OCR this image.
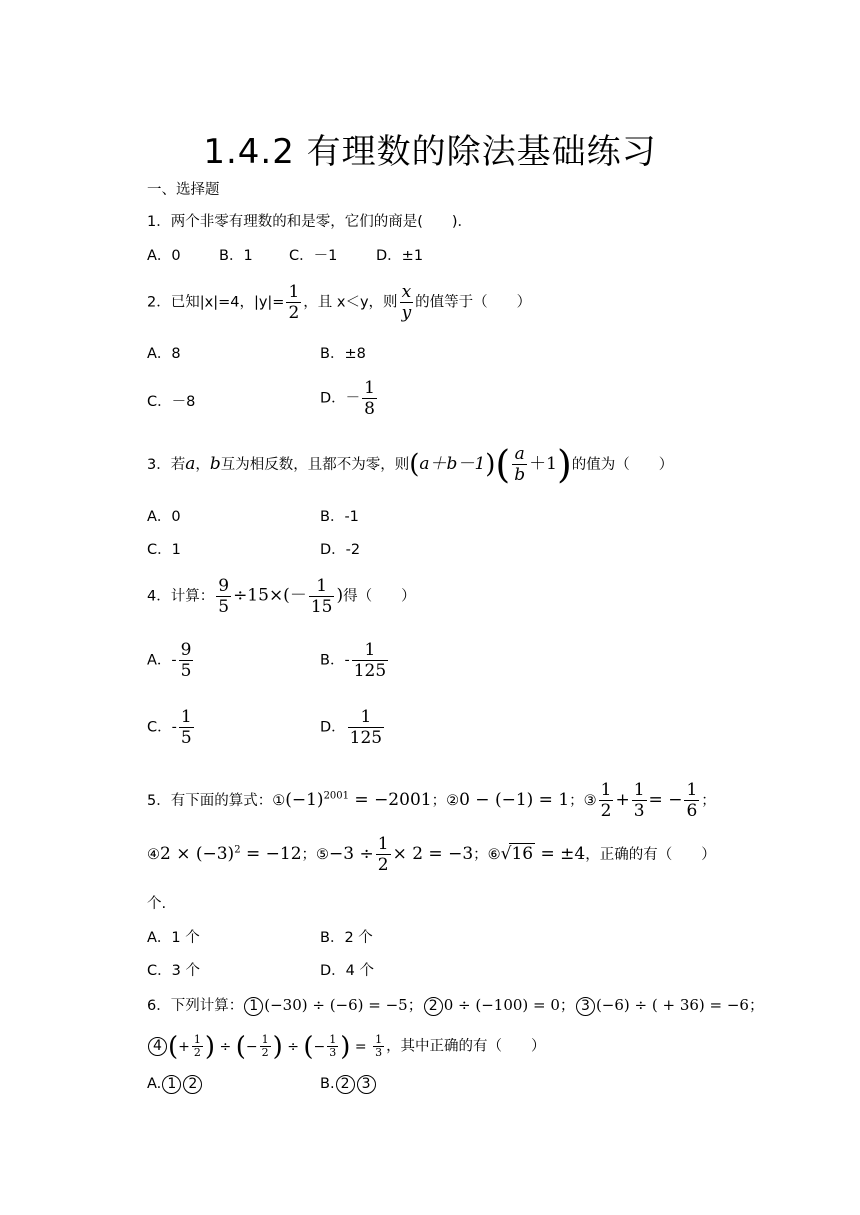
1.4.2 有理数的除法基础练习
一、选择题
1．两个非零有理数的和是零，它们的商是(　　)．
A．0	B．1	C．－1	D．±1
2．已知|x|=4，$|y|= \frac{1}{2}$ ，且 x＜y，则 $\frac{x}{y}$ 的值等于（　　）
A．8	B．±8
C．－8	D．－ $\frac{1}{8}$
3．若a，b互为相反数，且都不为零，则$(a+b-1)( \frac{a}{b} +1)$的值为（　　）
A．0	B．-1
C．1	D．-2
4．计算： $\frac{9}{5} \div 15\times(- \frac{1}{15}$ )得（　　）
A．- $\frac{9}{5}$	B．- $\frac{1}{125}$
C．- $\frac{1}{5}$	D． $\frac{1}{125}$
5．有下面的算式：$①(-1)^{2001} = -2001$；②0 − (−1) = 1；③ $\frac{1}{2} + \frac{1}{3}$ = − $\frac{1}{6}$ ；
④2 × $(-3)^2 = -12$；⑤−3 ÷ $\frac{1}{2} \times 2 = -3$；⑥√16 = ±4，正确的有（　　）
个.
A．1 个	B．2 个
C．3 个	D．4 个
6．下列计算： 1 (−30) ÷ (−6) = −5； 2 0 ÷ (−100) = 0； 3 (−6) ÷ ( + 36) = −6；
4 (+ $\frac{1}{2}$ ) ÷ (− $\frac{1}{2}$ ) ÷ (− $\frac{1}{3}$ ) = $\frac{1}{3}$ ，其中正确的有（　　）
A. 1 2	B. 2 3
